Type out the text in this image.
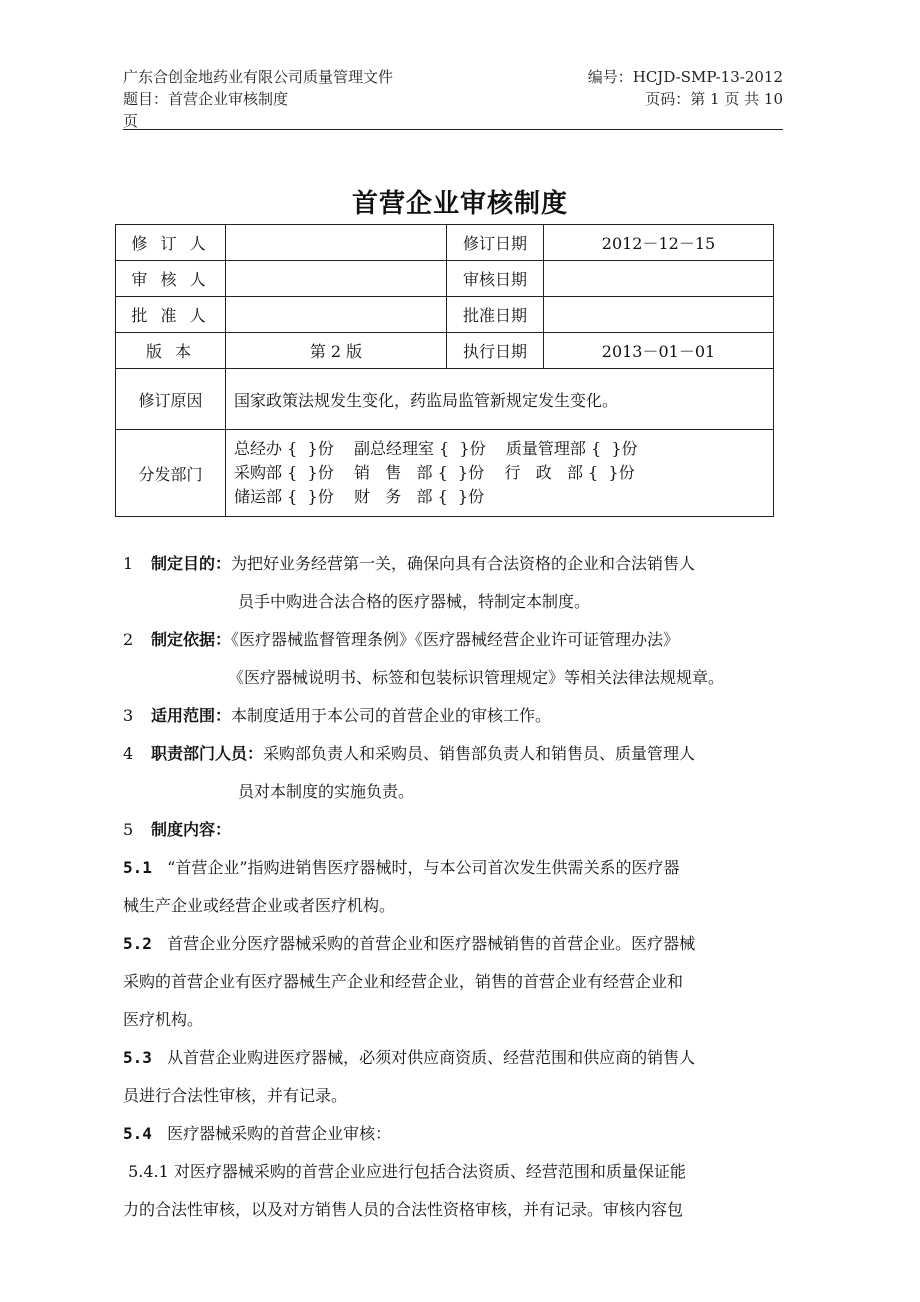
广东合创金地药业有限公司质量管理文件
题目：首营企业审核制度
页
编号：HCJD-SMP-13-2012
页码：第 1 页 共 10
首营企业审核制度
修 订 人		修订日期	2012－12－15
审 核 人		审核日期	
批 准 人		批准日期	
版 本	第 2 版	执行日期	2013－01－01
修订原因	国家政策法规发生变化，药监局监管新规定发生变化。		
分发部门	总经办 {  }份    副总经理室 {  }份    质量管理部 {  }份
采购部 {  }份    销   售   部 {  }份    行   政   部 {  }份
储运部 {  }份    财   务   部 {  }份		

1 制定目的：为把好业务经营第一关，确保向具有合法资格的企业和合法销售人

员手中购进合法合格的医疗器械，特制定本制度。

2 制定依据：《医疗器械监督管理条例》《医疗器械经营企业许可证管理办法》

《医疗器械说明书、标签和包装标识管理规定》等相关法律法规规章。

3 适用范围：本制度适用于本公司的首营企业的审核工作。

4 职责部门人员：采购部负责人和采购员、销售部负责人和销售员、质量管理人

员对本制度的实施负责。

5 制度内容：

5.1 “首营企业”指购进销售医疗器械时，与本公司首次发生供需关系的医疗器

械生产企业或经营企业或者医疗机构。

5.2 首营企业分医疗器械采购的首营企业和医疗器械销售的首营企业。医疗器械

采购的首营企业有医疗器械生产企业和经营企业，销售的首营企业有经营企业和

医疗机构。

5.3 从首营企业购进医疗器械，必须对供应商资质、经营范围和供应商的销售人

员进行合法性审核，并有记录。

5.4 医疗器械采购的首营企业审核：

5.4.1 对医疗器械采购的首营企业应进行包括合法资质、经营范围和质量保证能

力的合法性审核，以及对方销售人员的合法性资格审核，并有记录。审核内容包
